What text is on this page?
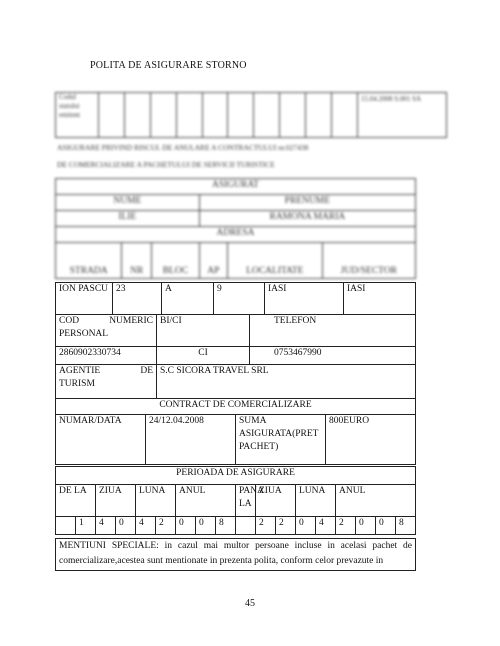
POLITA DE ASIGURARE STORNO
Codul statului emitent											15.04.2008 S.001 SA
ASIGURARE PRIVIND RISCUL DE ANULARE A CONTRACTULUI nr.027438
DE COMERCIALIZARE A PACHETULUI DE SERVICII TURISTICE
ASIGURAT					
NUME			PRENUME		
ILIE			RAMONA MARIA		
ADRESA					
STRADA	NR	BLOC	AP	LOCALITATE	JUD/SECTOR
ION PASCU	23	A	9	IASI	IASI
COD NUMERIC
PERSONAL	BI/CI	TELEFON
2860902330734	CI	0753467990
AGENTIE	DE
TURISM
	S.C SICORA TRAVEL SRL
CONTRACT DE COMERCIALIZARE
NUMAR/DATA	24/12.04.2008	SUMA ASIGURATA(PRET PACHET)	800EURO
PERIOADA DE ASIGURARE																	
DE LA		ZIUA		LUNA		ANUL			PANA LA	ZIUA		LUNA		ANUL			
	1	4	0	4	2	0	0	8		2	2	0	4	2	0	0	8
MENTIUNI SPECIALE: in cazul mai multor persoane incluse in acelasi pachet de comercializare,acestea sunt mentionate in prezenta polita, conform celor prevazute in
45
